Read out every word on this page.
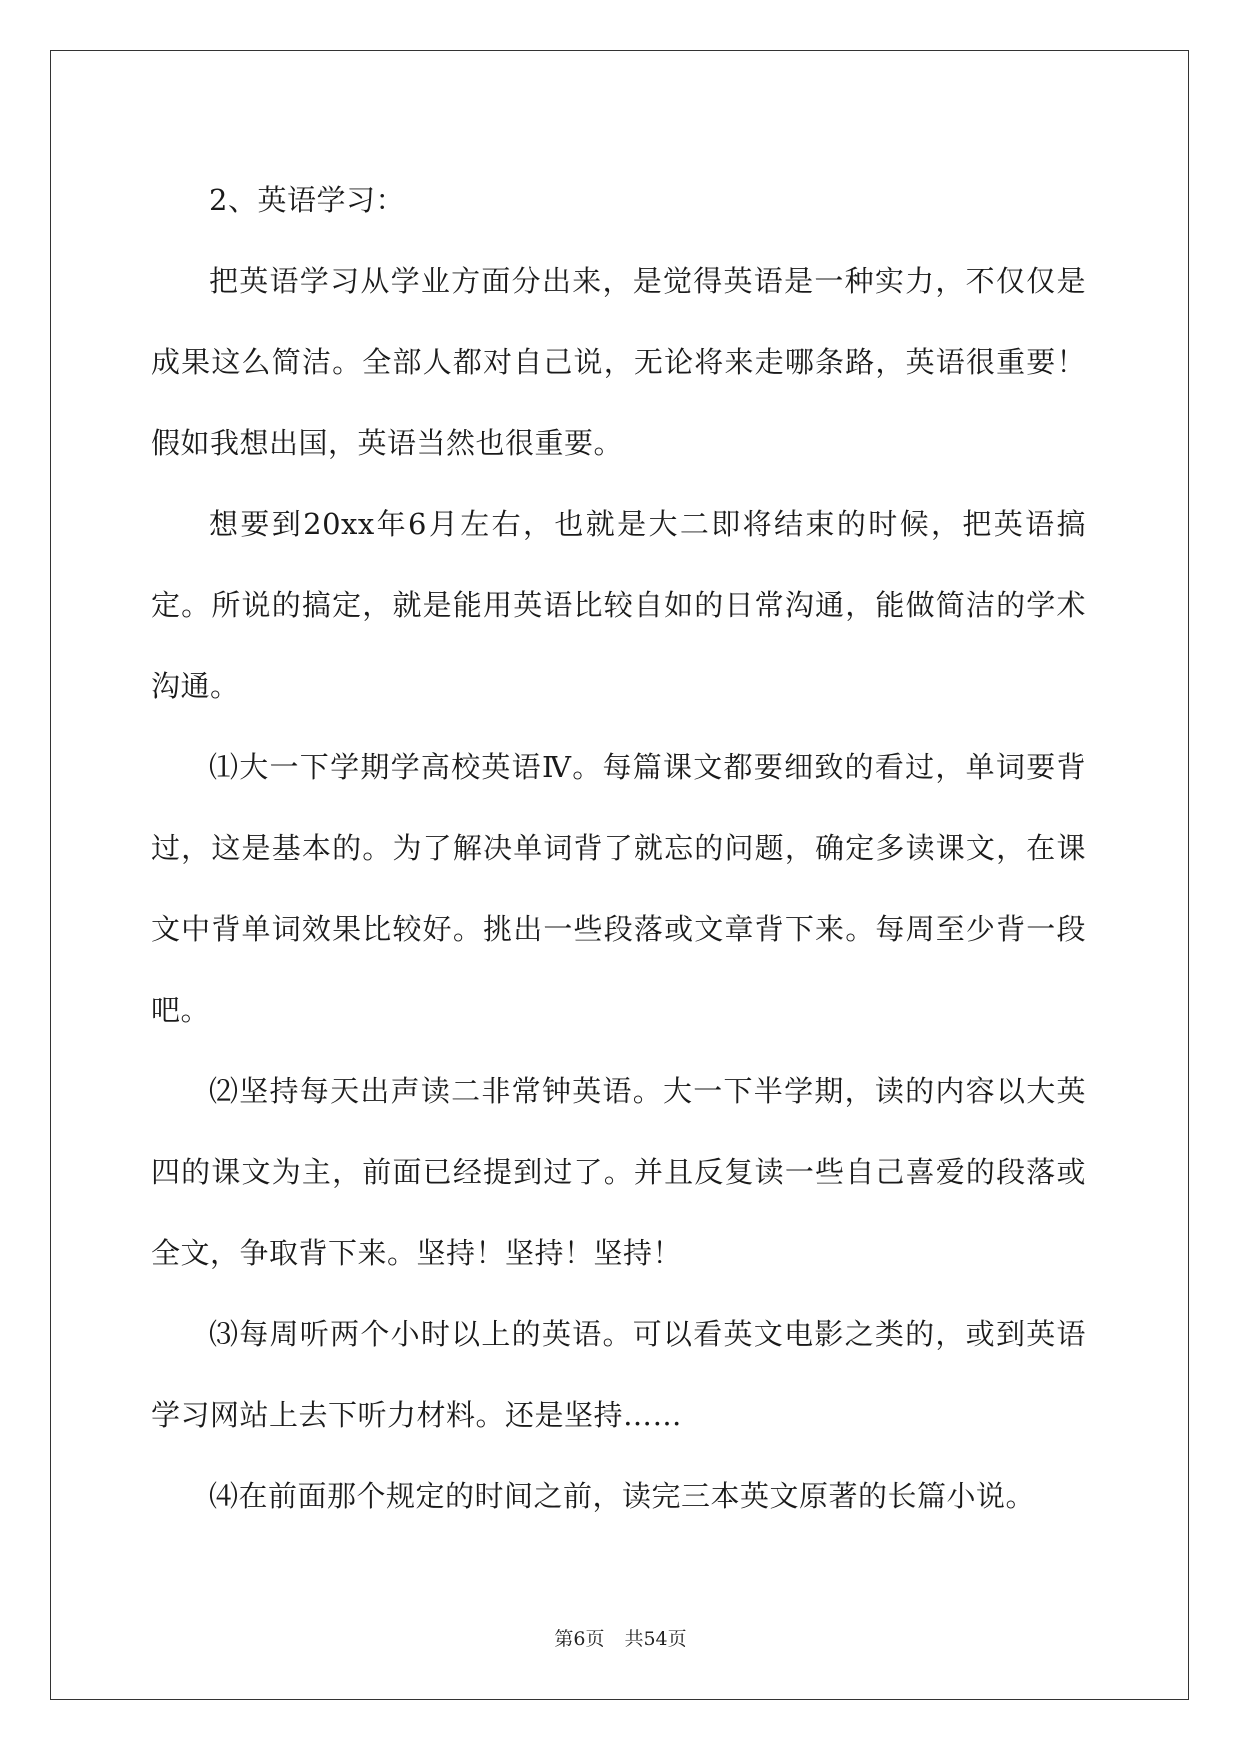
2、英语学习：

把英语学习从学业方面分出来，是觉得英语是一种实力，不仅仅是成果这么简洁。全部人都对自己说，无论将来走哪条路，英语很重要！假如我想出国，英语当然也很重要。

想要到20xx年6月左右，也就是大二即将结束的时候，把英语搞定。所说的搞定，就是能用英语比较自如的日常沟通，能做简洁的学术沟通。

⑴大一下学期学高校英语Ⅳ。每篇课文都要细致的看过，单词要背过，这是基本的。为了解决单词背了就忘的问题，确定多读课文，在课文中背单词效果比较好。挑出一些段落或文章背下来。每周至少背一段吧。

⑵坚持每天出声读二非常钟英语。大一下半学期，读的内容以大英四的课文为主，前面已经提到过了。并且反复读一些自己喜爱的段落或全文，争取背下来。坚持！坚持！坚持！

⑶每周听两个小时以上的英语。可以看英文电影之类的，或到英语学习网站上去下听力材料。还是坚持……

⑷在前面那个规定的时间之前，读完三本英文原著的长篇小说。

第6页 共54页
